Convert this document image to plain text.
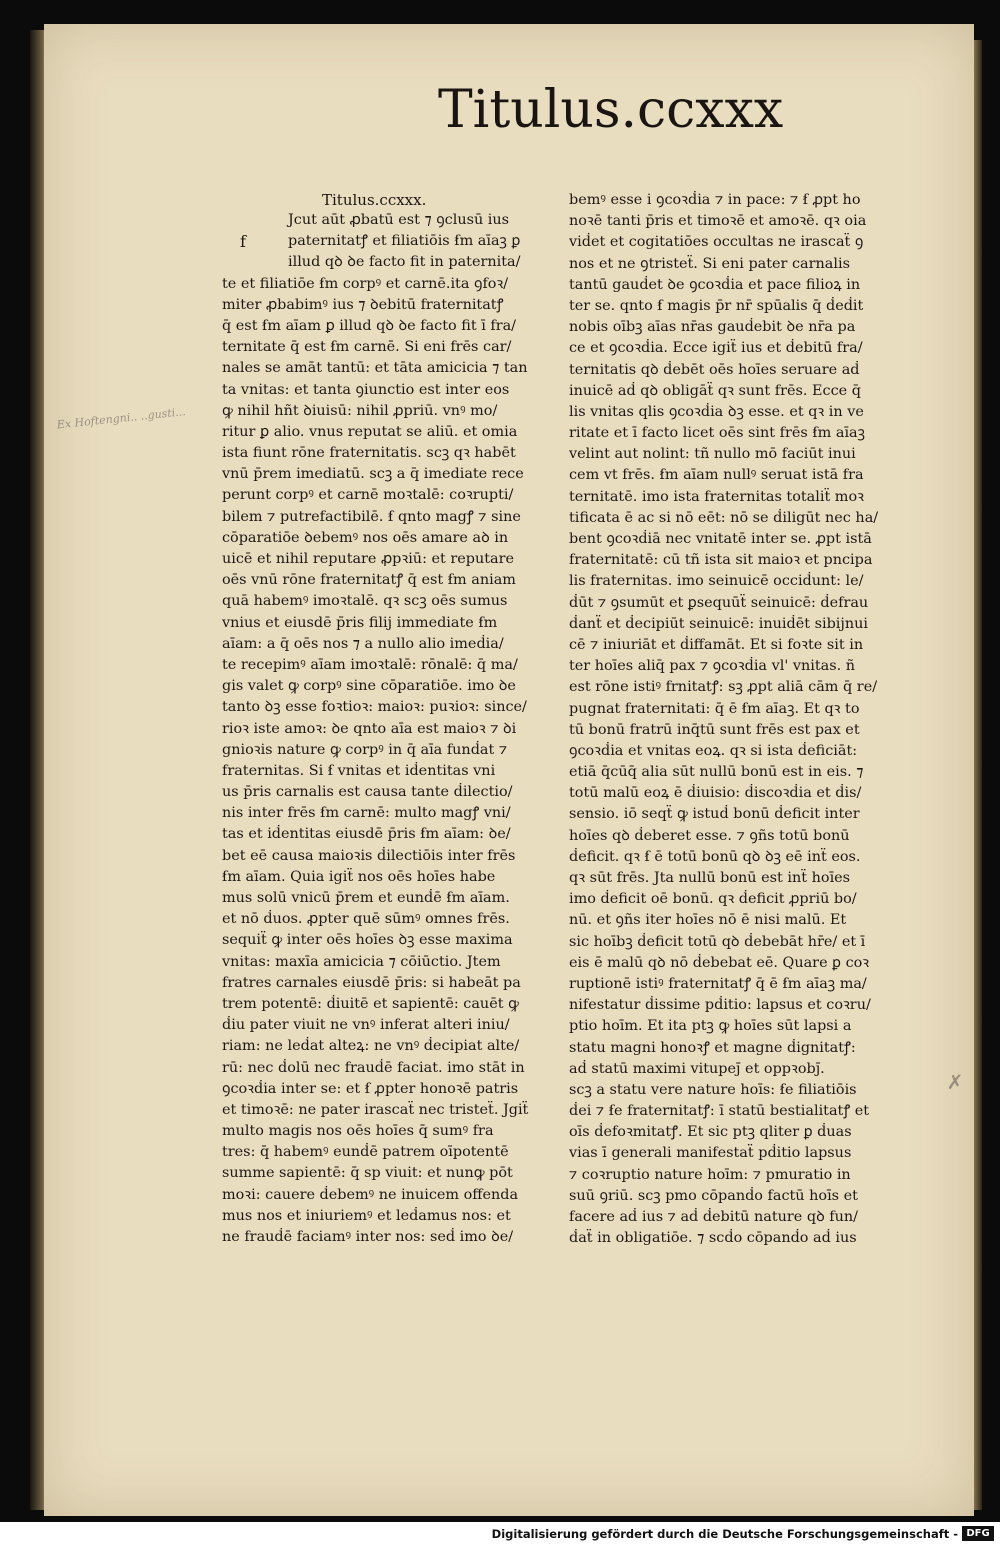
Titulus.ccxxx
Titulus.ccxxx.
f
Ex Hoftengni.. ..gusti...
✗
Jcut aūt ꝓbatū est ⁊ ꝯclusū ius
paternitatꝭ et filiatiōis ẜm aīaꝫ ꝑ
illud qꝺ ꝺe facto fit in paternita/
te et filiatiōe ẜm corpꝰ et carnē.ita ꝯfoꝛ/
miter ꝓbabimꝰ ius ⁊ ꝺebitū fraternitatꝭ
q̄ est ẜm aīam ꝑ illud qꝺ ꝺe facto fit ī fra/
ternitate q̄ est ẜm carnē. Si eni frēs car/
nales se amāt tantū: et tāta amicicia ⁊ tan
ta vnitas: et tanta ꝯiunctio est inter eos
ꝙ nihil hñt ꝺiuisū: nihil ꝓpriū. vnꝰ mo/
ritur ꝑ alio. vnus reputat se aliū. et omia
ista fiunt rōne fraternitatis. scꝫ qꝛ habēt
vnū p̄rem imediatū. scꝫ a q̄ imediate rece
perunt corpꝰ et carnē moꝛtalē: coꝛrupti/
bilem ⁊ putrefactibilē. ẜ qnto magꝭ ⁊ sine
cōparatiōe ꝺebemꝰ nos oēs amare aꝺ in
uicē et nihil reputare ꝓpꝛiū: et reputare
oēs vnū rōne fraternitatꝭ q̄ est ẜm aniam
quā habemꝰ imoꝛtalē. qꝛ scꝫ oēs sumus
vnius et eiusdē p̄ris filij immediate ẜm
aīam: a q̄ oēs nos ⁊ a nullo alio imeḋia/
te recepimꝰ aīam imoꝛtalē: rōnalē: q̄ ma/
gis valet ꝙ corpꝰ sine cōparatiōe. imo ꝺe
tanto ꝺꝫ esse foꝛtioꝛ: maioꝛ: puꝛioꝛ: since/
rioꝛ iste amoꝛ: ꝺe qnto aīa est maioꝛ ⁊ ꝺi
gnioꝛis nature ꝙ corpꝰ in q̄ aīa funḋat ⁊
fraternitas. Si ẜ vnitas et iḋentitas vni
us p̄ris carnalis est causa tante ḋilectio/
nis inter frēs ẜm carnē: multo magꝭ vni/
tas et iḋentitas eiusdē p̄ris ẜm aīam: ꝺe/
bet eē causa maioꝛis ḋilectiōis inter frēs
ẜm aīam. Quia igiẗ nos oēs hoīes habe
mus solū vnicū p̄rem et eunḋē ẜm aīam.
et nō ḋuos. ꝓpter quē sūmꝰ omnes frēs.
sequiẗ ꝙ inter oēs hoīes ꝺꝫ esse maxima
vnitas: maxīa amicicia ⁊ cōiūctio. Jtem
fratres carnales eiusdē p̄ris: si habeāt pa
trem potentē: ḋiuitē et sapientē: cauēt ꝙ
ḋiu pater viuit ne vnꝰ inferat alteri iniu/
riam: ne leḋat alteꝝ: ne vnꝰ ḋecipiat alte/
rū: nec ḋolū nec frauḋē faciat. imo stāt in
ꝯcoꝛḋia inter se: et ẜ ꝓpter honoꝛē patris
et timoꝛē: ne pater irascaẗ nec tristeẗ. Jgiẗ
multo magis nos oēs hoīes q̄ sumꝰ fra
tres: q̄ habemꝰ eunḋē patrem oīpotentē
summe sapientē: q̄ sp viuit: et nunꝙ pōt
moꝛi: cauere ḋebemꝰ ne inuicem offenda
mus nos et iniuriemꝰ et leḋamus nos: et
ne frauḋē faciamꝰ inter nos: seḋ imo ꝺe/
bemꝰ esse i ꝯcoꝛḋia ⁊ in pace: ⁊ ẜ ꝓpt ho
noꝛē tanti p̄ris et timoꝛē et amoꝛē. qꝛ oia
viḋet et cogitatiōes occultas ne irascaẗ ꝯ
nos et ne ꝯtristeẗ. Si eni pater carnalis
tantū gauḋet ꝺe ꝯcoꝛḋia et pace filioꝝ in
ter se. qnto ẜ magis p̄r nr̄ spūalis q̄ ḋeḋit
nobis oībꝫ aīas nr̄as gauḋebit ꝺe nr̄a pa
ce et ꝯcoꝛḋia. Ecce igiẗ ius et ḋebitū fra/
ternitatis qꝺ ḋebēt oēs hoīes seruare aḋ
inuicē aḋ qꝺ obligāẗ qꝛ sunt frēs. Ecce q̄
lis vnitas qlis ꝯcoꝛḋia ꝺꝫ esse. et qꝛ in ve
ritate et ī facto licet oēs sint frēs ẜm aīaꝫ
velint aut nolint: tñ nullo mō faciūt inui
cem vt frēs. ẜm aīam nullꝰ seruat istā fra
ternitatē. imo ista fraternitas totaliẗ moꝛ
tificata ē ac si nō eēt: nō se ḋiligūt nec ha/
bent ꝯcoꝛḋiā nec vnitatē inter se. ꝓpt istā
fraternitatē: cū tñ ista sit maioꝛ et pncipa
lis fraternitas. imo seinuicē occiḋunt: le/
ḋūt ⁊ ꝯsumūt et ꝑsequūẗ seinuicē: ḋefrau
ḋanẗ et ḋecipiūt seinuicē: inuiḋēt sibijnui
cē ⁊ iniuriāt et ḋiffamāt. Et si foꝛte sit in
ter hoīes aliq̄ pax ⁊ ꝯcoꝛḋia vl' vnitas. ñ
est rōne istiꝰ frnitatꝭ: sꝫ ꝓpt aliā cām q̄ re/
pugnat fraternitati: q̄ ē ẜm aīaꝫ. Et qꝛ to
tū bonū fratrū inq̄tū sunt frēs est pax et
ꝯcoꝛḋia et vnitas eoꝝ. qꝛ si ista ḋeficiāt:
etiā q̄cūq̄ alia sūt nullū bonū est in eis. ⁊
totū malū eoꝝ ē ḋiuisio: ḋiscoꝛḋia et ḋis/
sensio. iō seqẗ ꝙ istuḋ bonū ḋeficit inter
hoīes qꝺ ḋeberet esse. ⁊ ꝯñs totū bonū
ḋeficit. qꝛ ẜ ē totū bonū qꝺ ꝺꝫ eē inẗ eos.
qꝛ sūt frēs. Jta nullū bonū est inẗ hoīes
imo ḋeficit oē bonū. qꝛ ḋeficit ꝓpriū bo/
nū. et ꝯñs iter hoīes nō ē nisi malū. Et
sic hoībꝫ ḋeficit totū qꝺ ḋebebāt hr̄e/ et ī
eis ē malū qꝺ nō ḋebebat eē. Quare ꝑ coꝛ
ruptionē istiꝰ fraternitatꝭ q̄ ē ẜm aīaꝫ ma/
nifestatur ḋissime pḋitio: lapsus et coꝛru/
ptio hoīm. Et ita ptꝫ ꝙ hoīes sūt lapsi a
statu magni honoꝛꝭ et magne ḋignitatꝭ:
aḋ statū maximi vitupeȷ̄ et oppꝛobȷ̄.
scꝫ a statu vere nature hoīs: ẜe filiatiōis
ḋei ⁊ ẜe fraternitatꝭ: ī statū bestialitatꝭ et
oīs ḋefoꝛmitatꝭ. Et sic ptꝫ qliter ꝑ ḋuas
vias ī generali manifestaẗ pḋitio lapsus
⁊ coꝛruptio nature hoīm: ⁊ pmuratio in
suū ꝯriū. scꝫ pmo cōpanḋo factū hoīs et
facere aḋ ius ⁊ aḋ ḋebitū nature qꝺ fun/
ḋaẗ in obligatiōe. ⁊ scḋo cōpanḋo aḋ ius
Digitalisierung gefördert durch die Deutsche Forschungsgemeinschaft - DFG
